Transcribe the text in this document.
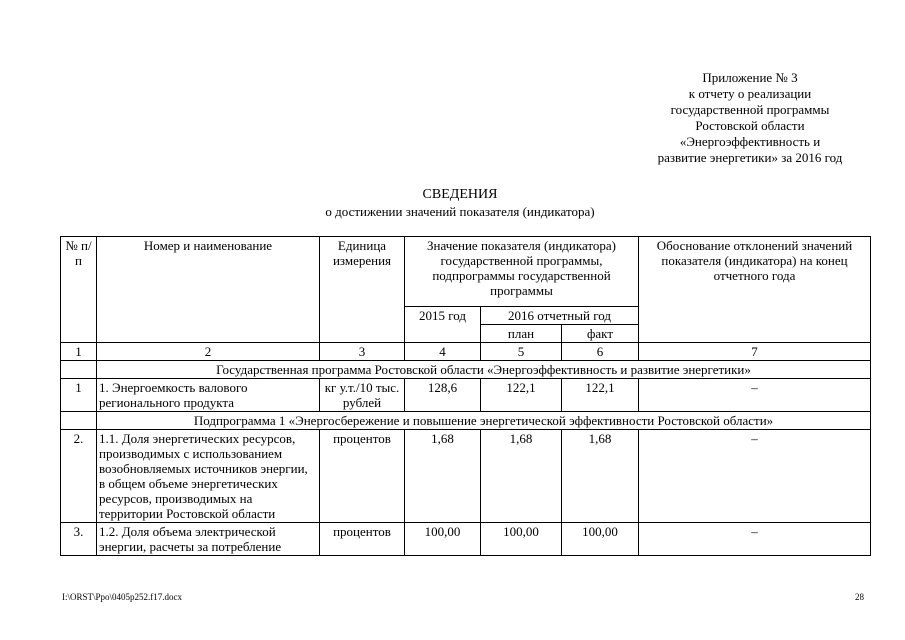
Приложение № 3
к отчету о реализации
государственной программы
Ростовской области
«Энергоэффективность и
развитие энергетики» за 2016 год
СВЕДЕНИЯ
о достижении значений показателя (индикатора)
№ п/п	Номер и наименование	Единица измерения	Значение показателя (индикатора) государственной программы, подпрограммы государственной программы			Обоснование отклонений значений показателя (индикатора) на конец отчетного года
			2015 год	2016 отчетный год		
				план	факт	
1	2	3	4	5	6	7
	Государственная программа Ростовской области «Энергоэффективность и развитие энергетики»					
1	1. Энергоемкость валового регионального продукта	кг у.т./10 тыс. рублей	128,6	122,1	122,1	–
	Подпрограмма 1 «Энергосбережение и повышение энергетической эффективности Ростовской области»					
2.	1.1. Доля энергетических ресурсов, производимых с использованием возобновляемых источников энергии, в общем объеме энергетических ресурсов, производимых на территории Ростовской области	процентов	1,68	1,68	1,68	–
3.	1.2. Доля объема электрической энергии, расчеты за потребление	процентов	100,00	100,00	100,00	–
I:\ORST\Ppo\0405p252.f17.docx	28
